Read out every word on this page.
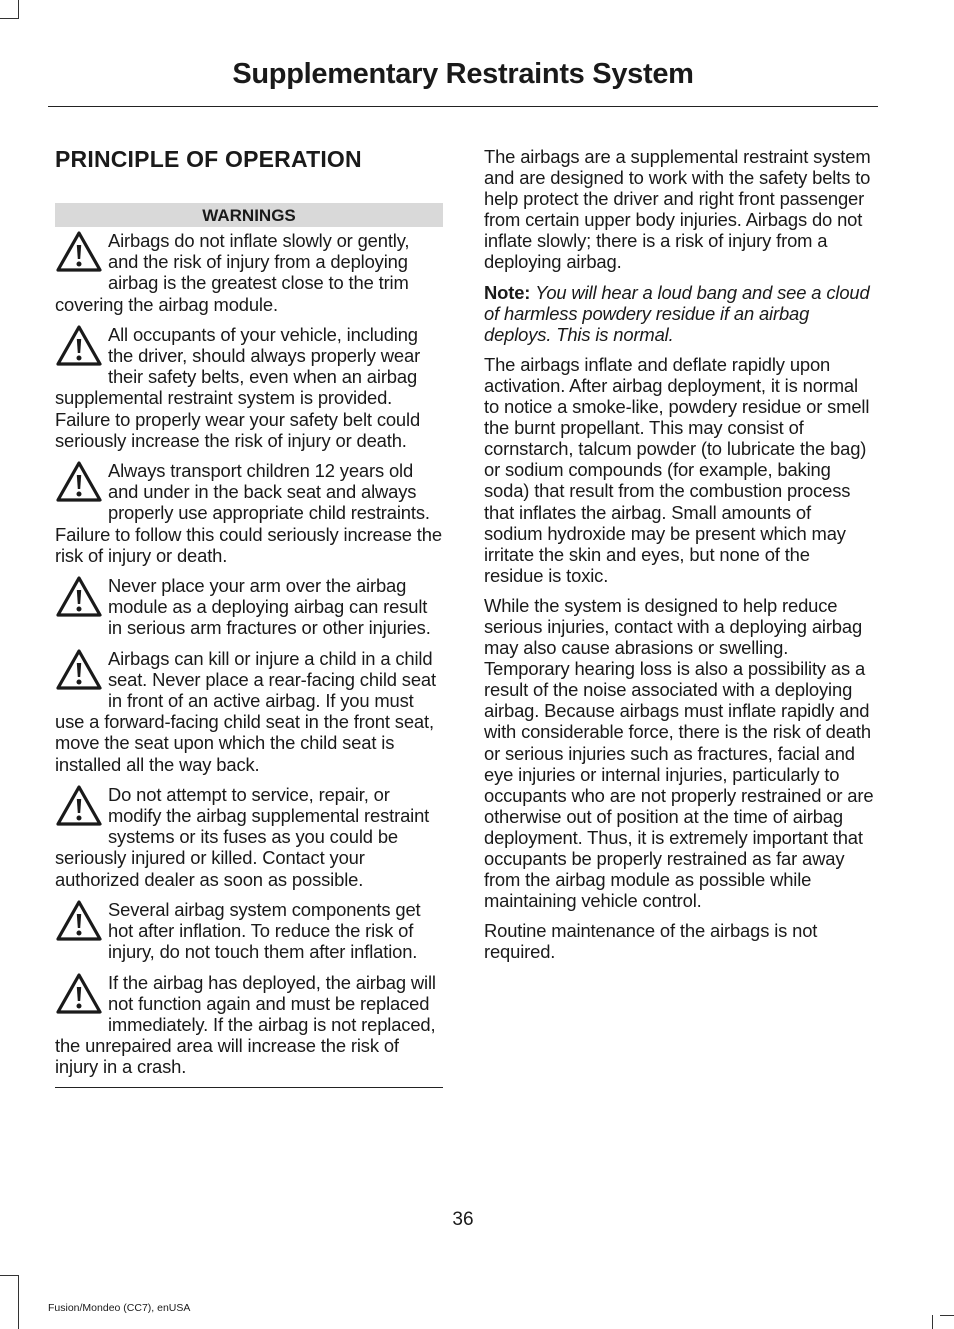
Supplementary Restraints System
PRINCIPLE OF OPERATION
WARNINGS
Airbags do not inflate slowly or gently, and the risk of injury from a deploying airbag is the greatest close to the trim covering the airbag module.
All occupants of your vehicle, including the driver, should always properly wear their safety belts, even when an airbag supplemental restraint system is provided. Failure to properly wear your safety belt could seriously increase the risk of injury or death.
Always transport children 12 years old and under in the back seat and always properly use appropriate child restraints. Failure to follow this could seriously increase the risk of injury or death.
Never place your arm over the airbag module as a deploying airbag can result in serious arm fractures or other injuries.
Airbags can kill or injure a child in a child seat. Never place a rear-facing child seat in front of an active airbag. If you must use a forward-facing child seat in the front seat, move the seat upon which the child seat is installed all the way back.
Do not attempt to service, repair, or modify the airbag supplemental restraint systems or its fuses as you could be seriously injured or killed. Contact your authorized dealer as soon as possible.
Several airbag system components get hot after inflation. To reduce the risk of injury, do not touch them after inflation.
If the airbag has deployed, the airbag will not function again and must be replaced immediately. If the airbag is not replaced, the unrepaired area will increase the risk of injury in a crash.

The airbags are a supplemental restraint system and are designed to work with the safety belts to help protect the driver and right front passenger from certain upper body injuries. Airbags do not inflate slowly; there is a risk of injury from a deploying airbag.

Note: You will hear a loud bang and see a cloud of harmless powdery residue if an airbag deploys. This is normal.

The airbags inflate and deflate rapidly upon activation. After airbag deployment, it is normal to notice a smoke-like, powdery residue or smell the burnt propellant. This may consist of cornstarch, talcum powder (to lubricate the bag) or sodium compounds (for example, baking soda) that result from the combustion process that inflates the airbag. Small amounts of sodium hydroxide may be present which may irritate the skin and eyes, but none of the residue is toxic.

While the system is designed to help reduce serious injuries, contact with a deploying airbag may also cause abrasions or swelling. Temporary hearing loss is also a possibility as a result of the noise associated with a deploying airbag. Because airbags must inflate rapidly and with considerable force, there is the risk of death or serious injuries such as fractures, facial and eye injuries or internal injuries, particularly to occupants who are not properly restrained or are otherwise out of position at the time of airbag deployment. Thus, it is extremely important that occupants be properly restrained as far away from the airbag module as possible while maintaining vehicle control.

Routine maintenance of the airbags is not required.

36
Fusion/Mondeo (CC7), enUSA
